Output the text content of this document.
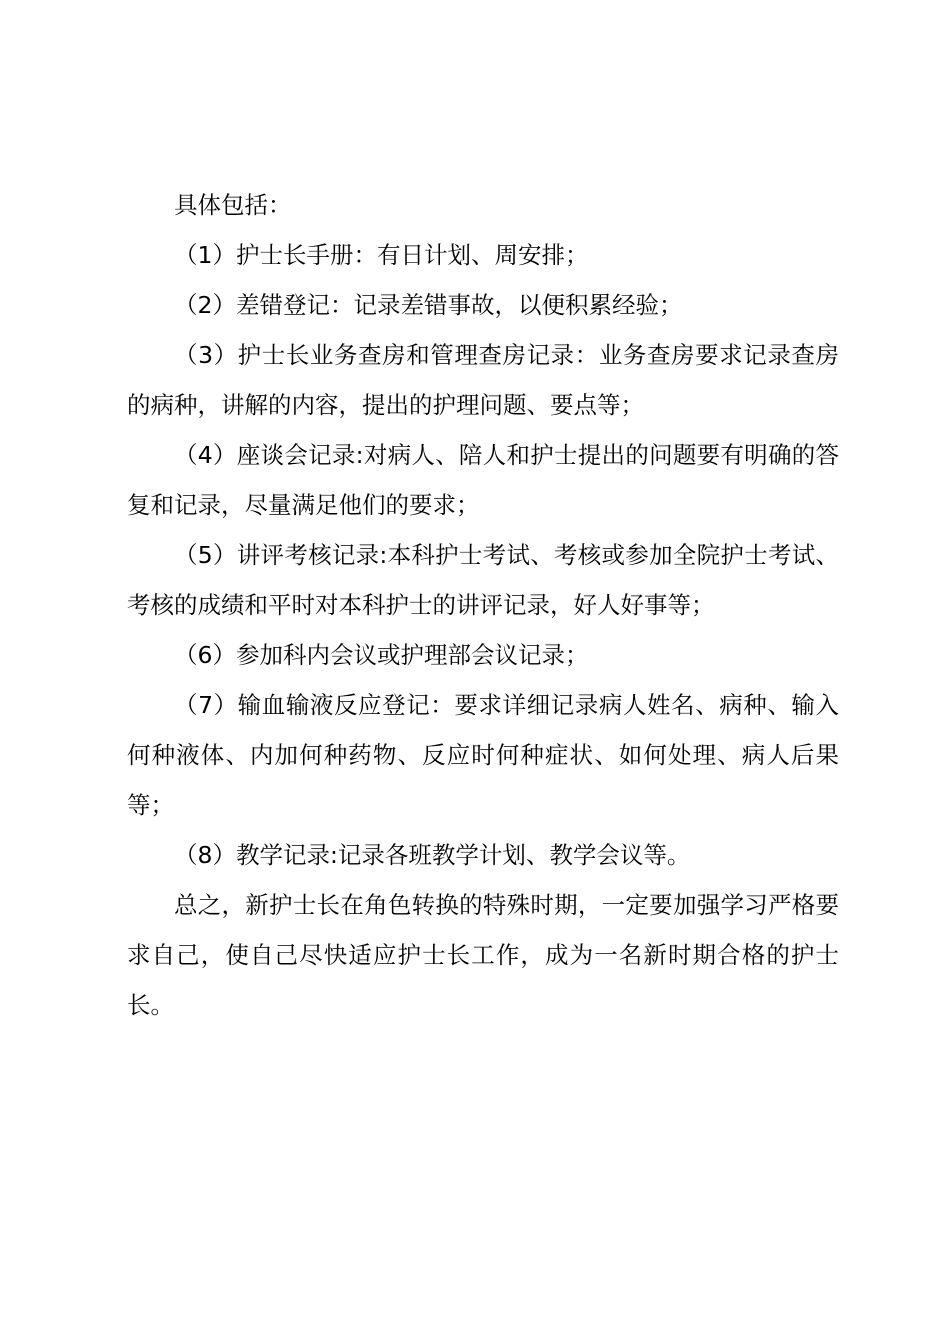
具体包括：

（1）护士长手册：有日计划、周安排；

（2）差错登记：记录差错事故，以便积累经验；

（3）护士长业务查房和管理查房记录：业务查房要求记录查房的病种，讲解的内容，提出的护理问题、要点等；

（4）座谈会记录:对病人、陪人和护士提出的问题要有明确的答复和记录，尽量满足他们的要求；

（5）讲评考核记录:本科护士考试、考核或参加全院护士考试、考核的成绩和平时对本科护士的讲评记录，好人好事等；

（6）参加科内会议或护理部会议记录；

（7）输血输液反应登记：要求详细记录病人姓名、病种、输入何种液体、内加何种药物、反应时何种症状、如何处理、病人后果等；

（8）教学记录:记录各班教学计划、教学会议等。

总之，新护士长在角色转换的特殊时期，一定要加强学习严格要求自己，使自己尽快适应护士长工作，成为一名新时期合格的护士长。
